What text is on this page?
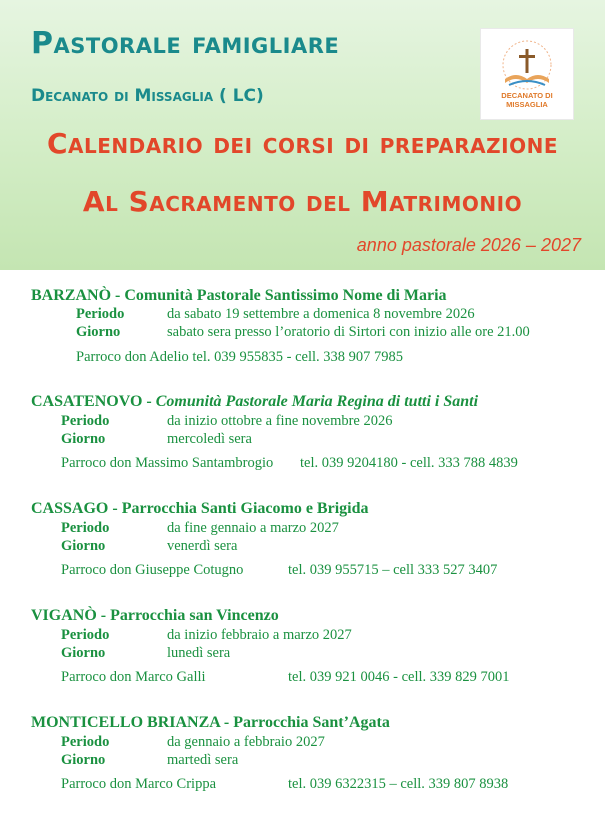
Pastorale famigliare
Decanato di Missaglia ( LC)
Calendario dei corsi di preparazione
Al Sacramento del Matrimonio
anno pastorale 2026 – 2027
DECANATO DI MISSAGLIA
BARZANÒ - Comunità Pastorale Santissimo Nome di Maria
Periodo	da sabato 19 settembre a domenica 8 novembre 2026
Giorno	sabato sera presso l’oratorio di Sirtori con inizio alle ore 21.00
Parroco don Adelio tel. 039 955835 - cell. 338 907 7985
CASATENOVO - Comunità Pastorale Maria Regina di tutti i Santi
Periodo	da inizio ottobre a fine novembre 2026
Giorno	mercoledì sera
Parroco don Massimo Santambrogio tel. 039 9204180 - cell. 333 788 4839
CASSAGO - Parrocchia Santi Giacomo e Brigida
Periodo	da fine gennaio a marzo 2027
Giorno	venerdì sera
Parroco don Giuseppe Cotugno	tel. 039 955715 – cell 333 527 3407
VIGANÒ - Parrocchia san Vincenzo
Periodo	da inizio febbraio a marzo 2027
Giorno	lunedì sera
Parroco don Marco Galli	tel. 039 921 0046 - cell. 339 829 7001
MONTICELLO BRIANZA - Parrocchia Sant’Agata
Periodo	da gennaio a febbraio 2027
Giorno	martedì sera
Parroco don Marco Crippa	tel. 039 6322315 – cell. 339 807 8938
